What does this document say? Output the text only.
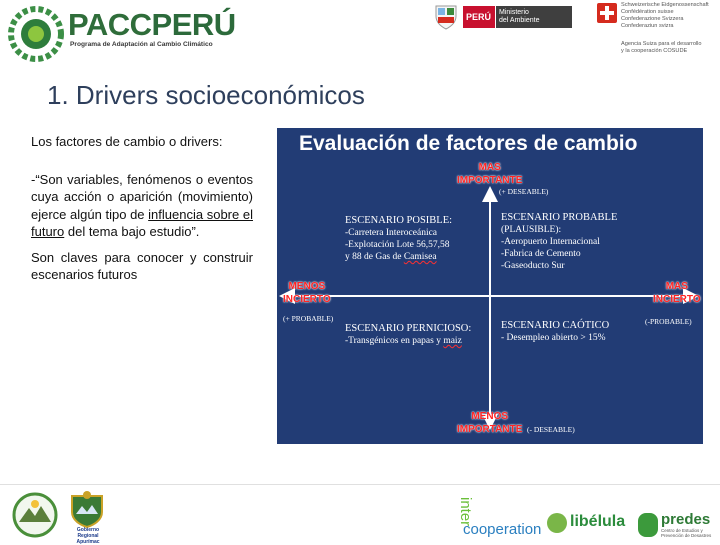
PACCPERÚ
Programa de Adaptación al Cambio Climático
PERÚ	Ministerio
del Ambiente
Schweizerische Eidgenossenschaft
Confédération suisse
Confederazione Svizzera
Confederaziun svizra
Agencia Suiza para el desarrollo
y la cooperación COSUDE
1. Drivers socioeconómicos
Los factores de cambio o drivers:
-“Son variables, fenómenos o eventos cuya acción o aparición (movimiento) ejerce algún tipo de influencia sobre el futuro del tema bajo estudio”.
Son claves para conocer y construir escenarios futuros
Evaluación de factores de cambio
MAS
IMPORTANTE
(+ DESEABLE)
MENOS
IMPORTANTE (- DESEABLE)
MENOS
INCIERTO
(+ PROBABLE)
MAS
INCIERTO
(-PROBABLE)
ESCENARIO POSIBLE:
-Carretera Interoceánica
-Explotación Lote 56,57,58
y 88 de Gas de Camisea
ESCENARIO PROBABLE
(PLAUSIBLE):
-Aeropuerto Internacional
-Fabrica de Cemento
-Gaseoducto Sur
ESCENARIO PERNICIOSO:
-Transgénicos en papas y maiz
ESCENARIO CAÓTICO
- Desempleo abierto > 15%
Gobierno Regional Apurímac
inter
cooperation libélula predes
Centro de Estudios y Prevención de Desastres
